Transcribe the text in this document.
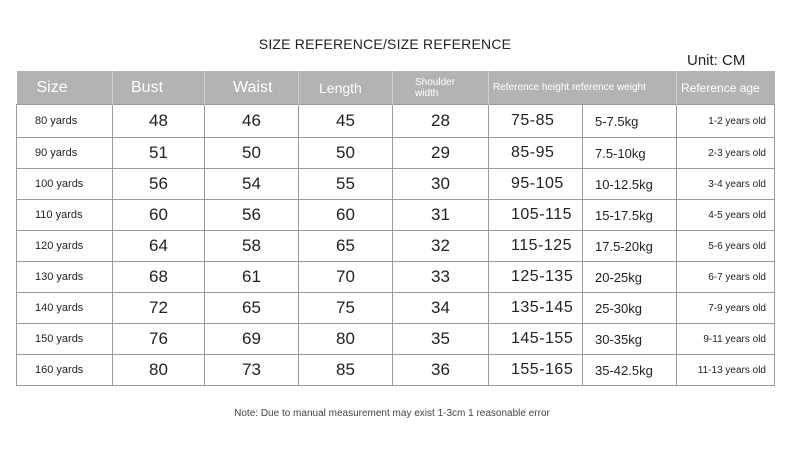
SIZE REFERENCE/SIZE REFERENCE
Unit: CM
Size	Bust	Waist	Length	Shoulder width	Reference height reference weight		Reference age
80 yards	48	46	45	28	75-85	5-7.5kg	1-2 years old
90 yards	51	50	50	29	85-95	7.5-10kg	2-3 years old
100 yards	56	54	55	30	95-105	10-12.5kg	3-4 years old
110 yards	60	56	60	31	105-115	15-17.5kg	4-5 years old
120 yards	64	58	65	32	115-125	17.5-20kg	5-6 years old
130 yards	68	61	70	33	125-135	20-25kg	6-7 years old
140 yards	72	65	75	34	135-145	25-30kg	7-9 years old
150 yards	76	69	80	35	145-155	30-35kg	9-11 years old
160 yards	80	73	85	36	155-165	35-42.5kg	11-13 years old
Note: Due to manual measurement may exist 1-3cm 1 reasonable error
